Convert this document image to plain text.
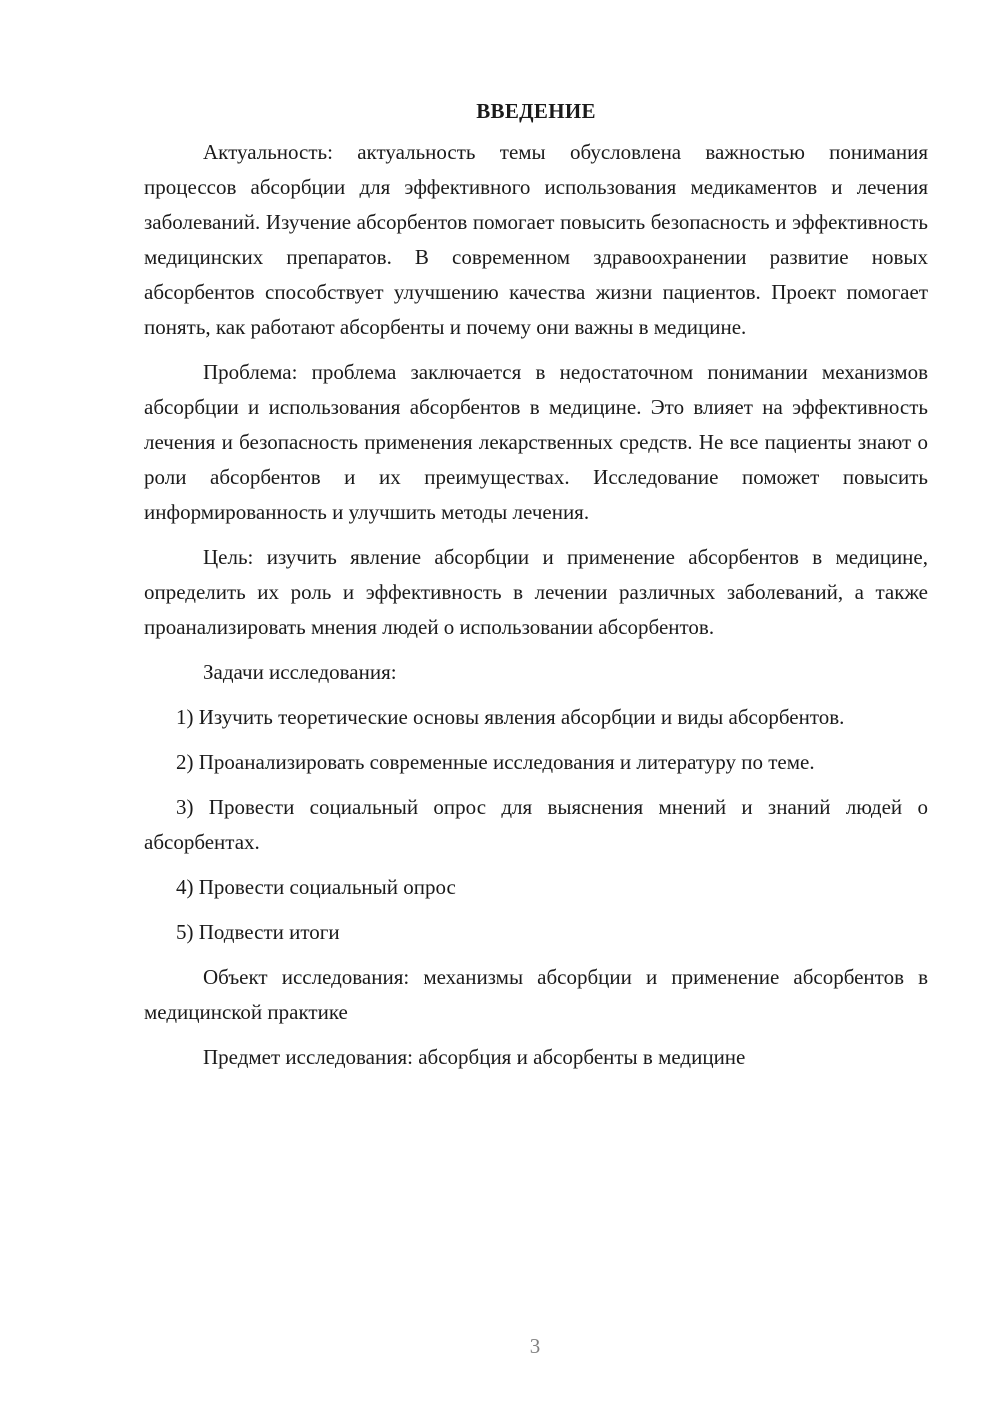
ВВЕДЕНИЕ

Актуальность: актуальность темы обусловлена важностью понимания процессов абсорбции для эффективного использования медикаментов и лечения заболеваний. Изучение абсорбентов помогает повысить безопасность и эффективность медицинских препаратов. В современном здравоохранении развитие новых абсорбентов способствует улучшению качества жизни пациентов. Проект помогает понять, как работают абсорбенты и почему они важны в медицине.

Проблема: проблема заключается в недостаточном понимании механизмов абсорбции и использования абсорбентов в медицине. Это влияет на эффективность лечения и безопасность применения лекарственных средств. Не все пациенты знают о роли абсорбентов и их преимуществах. Исследование поможет повысить информированность и улучшить методы лечения.

Цель: изучить явление абсорбции и применение абсорбентов в медицине, определить их роль и эффективность в лечении различных заболеваний, а также проанализировать мнения людей о использовании абсорбентов.

Задачи исследования:

1) Изучить теоретические основы явления абсорбции и виды абсорбентов.

2) Проанализировать современные исследования и литературу по теме.

3) Провести социальный опрос для выяснения мнений и знаний людей о абсорбентах.

4) Провести социальный опрос

5) Подвести итоги

Объект исследования: механизмы абсорбции и применение абсорбентов в медицинской практике

Предмет исследования: абсорбция и абсорбенты в медицине

3
